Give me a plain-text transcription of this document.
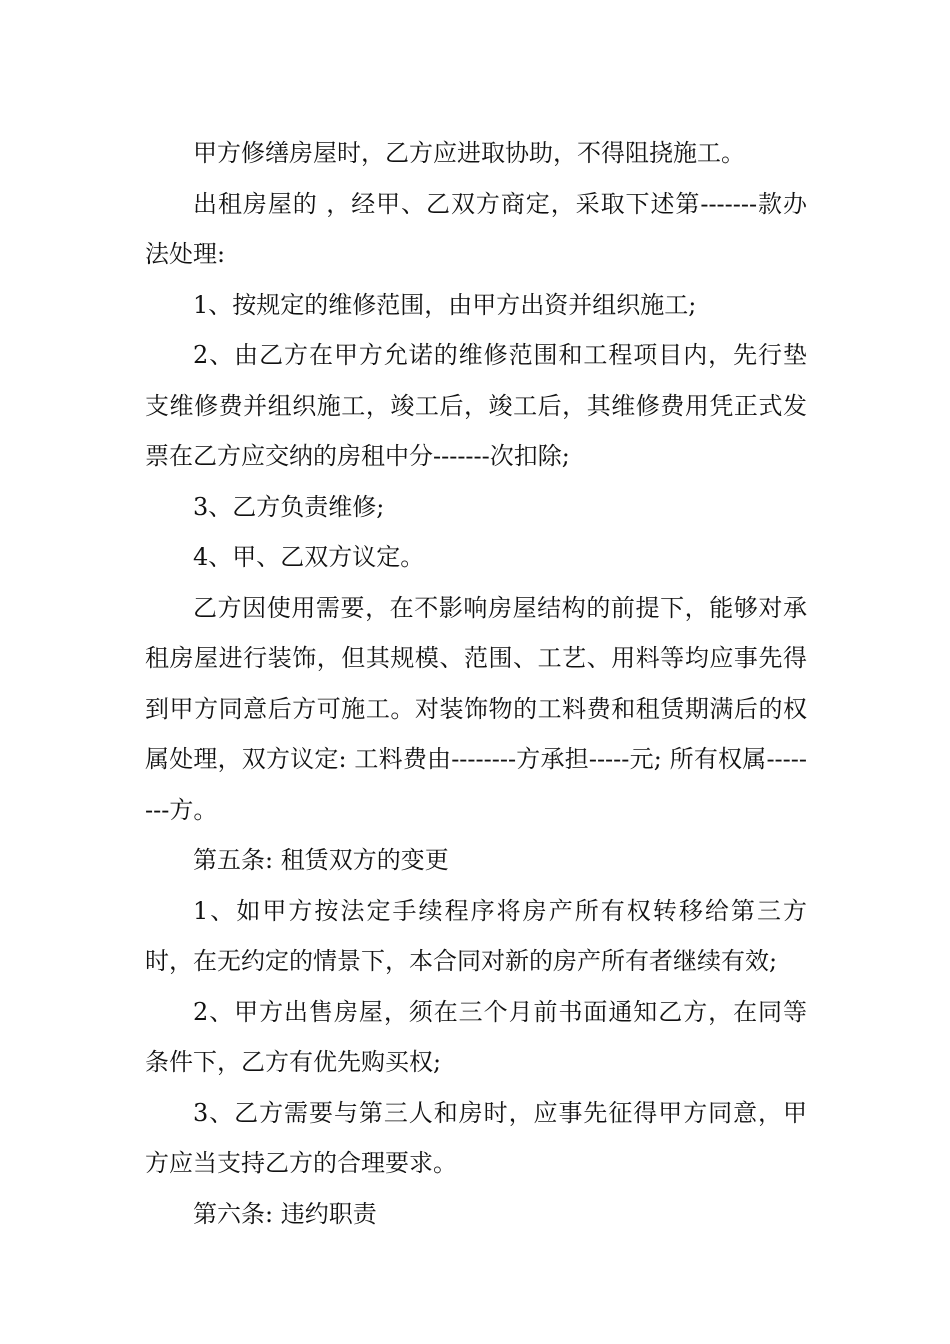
甲方修缮房屋时，乙方应进取协助，不得阻挠施工。

出租房屋的 ，经甲、乙双方商定，采取下述第-------款办法处理:

1、按规定的维修范围，由甲方出资并组织施工;

2、由乙方在甲方允诺的维修范围和工程项目内，先行垫支维修费并组织施工，竣工后，竣工后，其维修费用凭正式发票在乙方应交纳的房租中分-------次扣除;

3、乙方负责维修;

4、甲、乙双方议定。

乙方因使用需要，在不影响房屋结构的前提下，能够对承租房屋进行装饰，但其规模、范围、工艺、用料等均应事先得到甲方同意后方可施工。对装饰物的工料费和租赁期满后的权属处理，双方议定: 工料费由--------方承担-----元; 所有权属--------方。

第五条: 租赁双方的变更

1、如甲方按法定手续程序将房产所有权转移给第三方时，在无约定的情景下，本合同对新的房产所有者继续有效;

2、甲方出售房屋，须在三个月前书面通知乙方，在同等条件下，乙方有优先购买权;

3、乙方需要与第三人和房时，应事先征得甲方同意，甲方应当支持乙方的合理要求。

第六条: 违约职责
